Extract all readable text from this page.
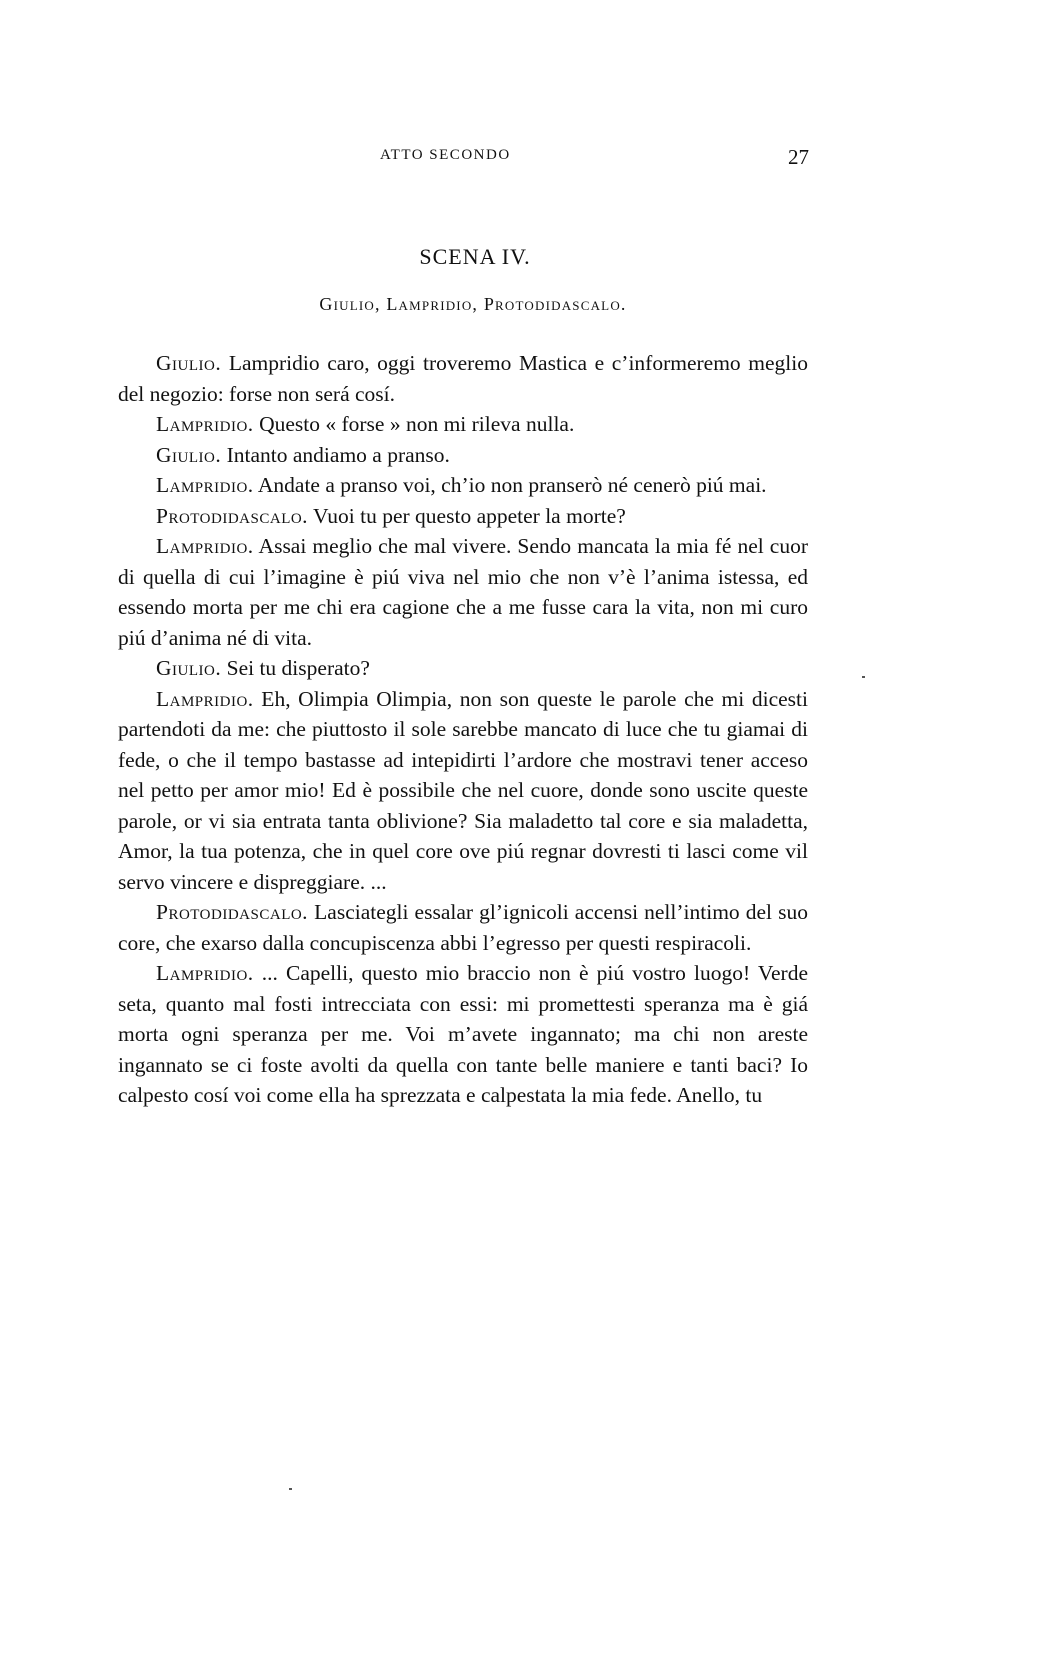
ATTO SECONDO	27
SCENA IV.
Giulio, Lampridio, Protodidascalo.

Giulio. Lampridio caro, oggi troveremo Mastica e c’informeremo meglio del negozio: forse non será cosí.

Lampridio. Questo « forse » non mi rileva nulla.

Giulio. Intanto andiamo a pranso.

Lampridio. Andate a pranso voi, ch’io non pranserò né cenerò piú mai.

Protodidascalo. Vuoi tu per questo appeter la morte?

Lampridio. Assai meglio che mal vivere. Sendo mancata la mia fé nel cuor di quella di cui l’imagine è piú viva nel mio che non v’è l’anima istessa, ed essendo morta per me chi era cagione che a me fusse cara la vita, non mi curo piú d’anima né di vita.

Giulio. Sei tu disperato?

Lampridio. Eh, Olimpia Olimpia, non son queste le parole che mi dicesti partendoti da me: che piuttosto il sole sarebbe mancato di luce che tu giamai di fede, o che il tempo bastasse ad intepidirti l’ardore che mostravi tener acceso nel petto per amor mio! Ed è possibile che nel cuore, donde sono uscite queste parole, or vi sia entrata tanta oblivione? Sia maladetto tal core e sia maladetta, Amor, la tua potenza, che in quel core ove piú regnar dovresti ti lasci come vil servo vincere e dispreggiare. ...

Protodidascalo. Lasciategli essalar gl’ignicoli accensi nell’intimo del suo core, che exarso dalla concupiscenza abbi l’egresso per questi respiracoli.

Lampridio. ... Capelli, questo mio braccio non è piú vostro luogo! Verde seta, quanto mal fosti intrecciata con essi: mi promettesti speranza ma è giá morta ogni speranza per me. Voi m’avete ingannato; ma chi non areste ingannato se ci foste avolti da quella con tante belle maniere e tanti baci? Io calpesto cosí voi come ella ha sprezzata e calpestata la mia fede. Anello, tu
